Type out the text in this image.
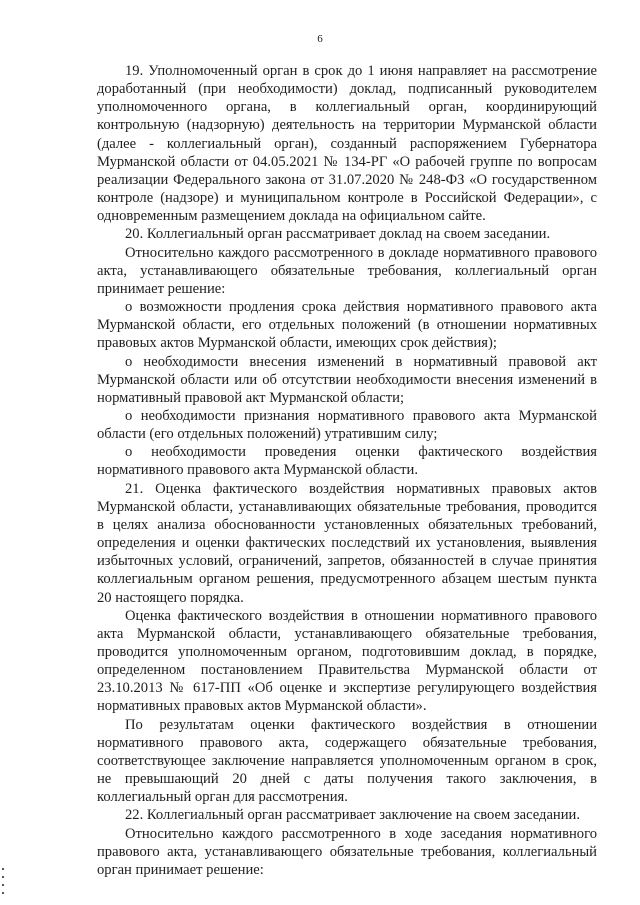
6

19. Уполномоченный орган в срок до 1 июня направляет на рассмотрение доработанный (при необходимости) доклад, подписанный руководителем уполномоченного органа, в коллегиальный орган, координирующий контрольную (надзорную) деятельность на территории Мурманской области (далее - коллегиальный орган), созданный распоряжением Губернатора Мурманской области от 04.05.2021 № 134-РГ «О рабочей группе по вопросам реализации Федерального закона от 31.07.2020 № 248-ФЗ «О государственном контроле (надзоре) и муниципальном контроле в Российской Федерации», с одновременным размещением доклада на официальном сайте.

20. Коллегиальный орган рассматривает доклад на своем заседании.

Относительно каждого рассмотренного в докладе нормативного правового акта, устанавливающего обязательные требования, коллегиальный орган принимает решение:

о возможности продления срока действия нормативного правового акта Мурманской области, его отдельных положений (в отношении нормативных правовых актов Мурманской области, имеющих срок действия);

о необходимости внесения изменений в нормативный правовой акт Мурманской области или об отсутствии необходимости внесения изменений в нормативный правовой акт Мурманской области;

о необходимости признания нормативного правового акта Мурманской области (его отдельных положений) утратившим силу;

о необходимости проведения оценки фактического воздействия нормативного правового акта Мурманской области.

21. Оценка фактического воздействия нормативных правовых актов Мурманской области, устанавливающих обязательные требования, проводится в целях анализа обоснованности установленных обязательных требований, определения и оценки фактических последствий их установления, выявления избыточных условий, ограничений, запретов, обязанностей в случае принятия коллегиальным органом решения, предусмотренного абзацем шестым пункта 20 настоящего порядка.

Оценка фактического воздействия в отношении нормативного правового акта Мурманской области, устанавливающего обязательные требования, проводится уполномоченным органом, подготовившим доклад, в порядке, определенном постановлением Правительства Мурманской области от 23.10.2013 № 617-ПП «Об оценке и экспертизе регулирующего воздействия нормативных правовых актов Мурманской области».

По результатам оценки фактического воздействия в отношении нормативного правового акта, содержащего обязательные требования, соответствующее заключение направляется уполномоченным органом в срок, не превышающий 20 дней с даты получения такого заключения, в коллегиальный орган для рассмотрения.

22. Коллегиальный орган рассматривает заключение на своем заседании.

Относительно каждого рассмотренного в ходе заседания нормативного правового акта, устанавливающего обязательные требования, коллегиальный орган принимает решение:
